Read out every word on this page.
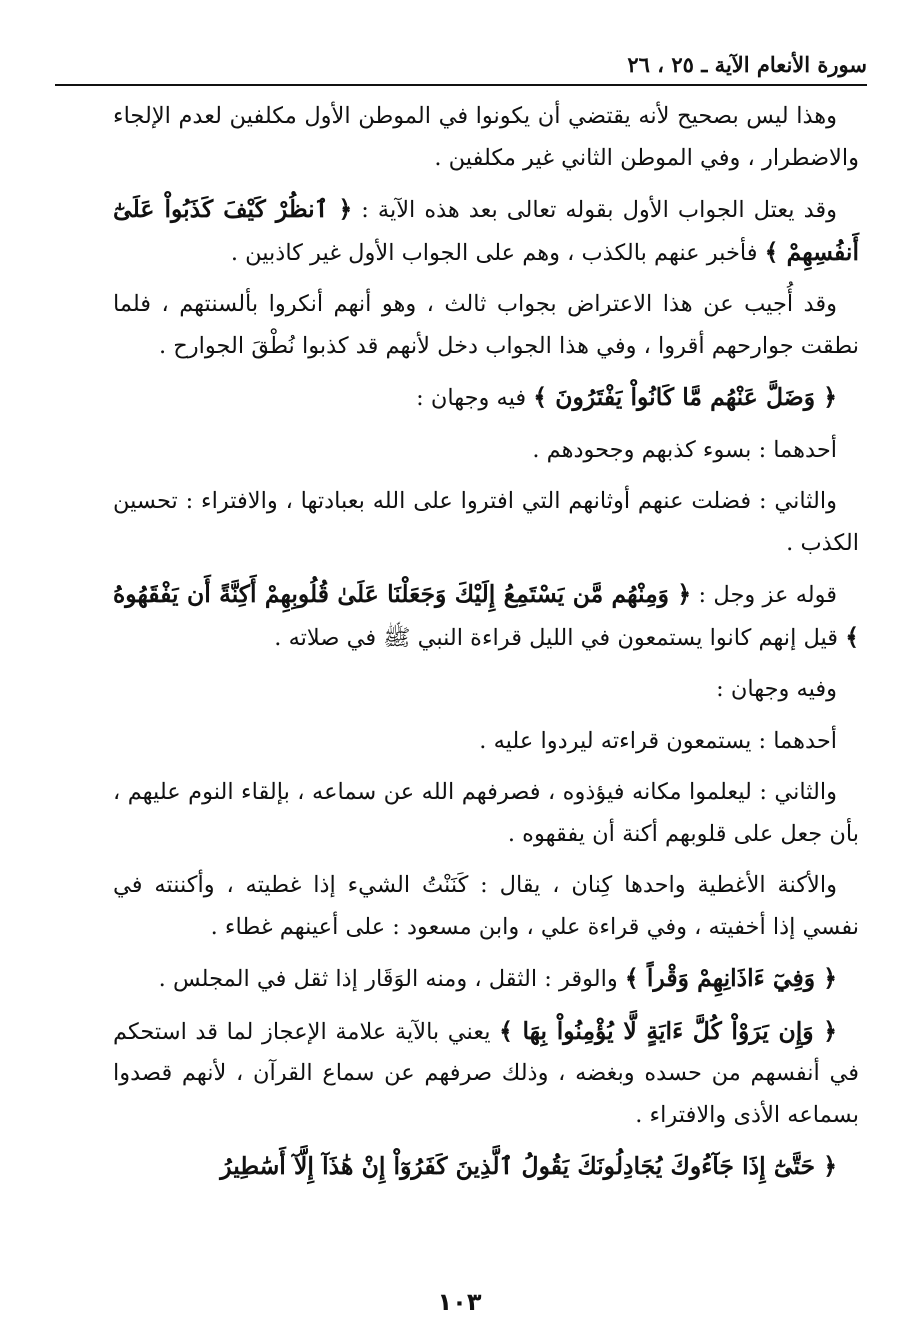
سورة الأنعام الآية ـ ٢٥ ، ٢٦

وهذا ليس بصحيح لأنه يقتضي أن يكونوا في الموطن الأول مكلفين لعدم الإلجاء والاضطرار ، وفي الموطن الثاني غير مكلفين .

وقد يعتل الجواب الأول بقوله تعالى بعد هذه الآية : ﴿ ٱنظُرْ كَيْفَ كَذَبُواْ عَلَىٰٓ أَنفُسِهِمْ ﴾ فأخبر عنهم بالكذب ، وهم على الجواب الأول غير كاذبين .

وقد أُجيب عن هذا الاعتراض بجواب ثالث ، وهو أنهم أنكروا بألسنتهم ، فلما نطقت جوارحهم أقروا ، وفي هذا الجواب دخل لأنهم قد كذبوا نُطْقَ الجوارح .

﴿ وَضَلَّ عَنْهُم مَّا كَانُواْ يَفْتَرُونَ ﴾ فيه وجهان :

أحدهما : بسوء كذبهم وجحودهم .

والثاني : فضلت عنهم أوثانهم التي افتروا على الله بعبادتها ، والافتراء : تحسين الكذب .

قوله عز وجل : ﴿ وَمِنْهُم مَّن يَسْتَمِعُ إِلَيْكَ وَجَعَلْنَا عَلَىٰ قُلُوبِهِمْ أَكِنَّةً أَن يَفْقَهُوهُ ﴾ قيل إنهم كانوا يستمعون في الليل قراءة النبي ﷺ في صلاته .

وفيه وجهان :

أحدهما : يستمعون قراءته ليردوا عليه .

والثاني : ليعلموا مكانه فيؤذوه ، فصرفهم الله عن سماعه ، بإلقاء النوم عليهم ، بأن جعل على قلوبهم أكنة أن يفقهوه .

والأكنة الأغطية واحدها كِنان ، يقال : كَنَنْتُ الشيء إذا غطيته ، وأكننته في نفسي إذا أخفيته ، وفي قراءة علي ، وابن مسعود : على أعينهم غطاء .

﴿ وَفِيٓ ءَاذَانِهِمْ وَقْراً ﴾ والوقر : الثقل ، ومنه الوَقَار إذا ثقل في المجلس .

﴿ وَإِن يَرَوْاْ كُلَّ ءَايَةٍ لَّا يُؤْمِنُواْ بِهَا ﴾ يعني بالآية علامة الإعجاز لما قد استحكم في أنفسهم من حسده وبغضه ، وذلك صرفهم عن سماع القرآن ، لأنهم قصدوا بسماعه الأذى والافتراء .

﴿ حَتَّىٰٓ إِذَا جَآءُوكَ يُجَادِلُونَكَ يَقُولُ ٱلَّذِينَ كَفَرُوٓاْ إِنْ هَٰذَآ إِلَّآ أَسَٰطِيرُ

١٠٣
